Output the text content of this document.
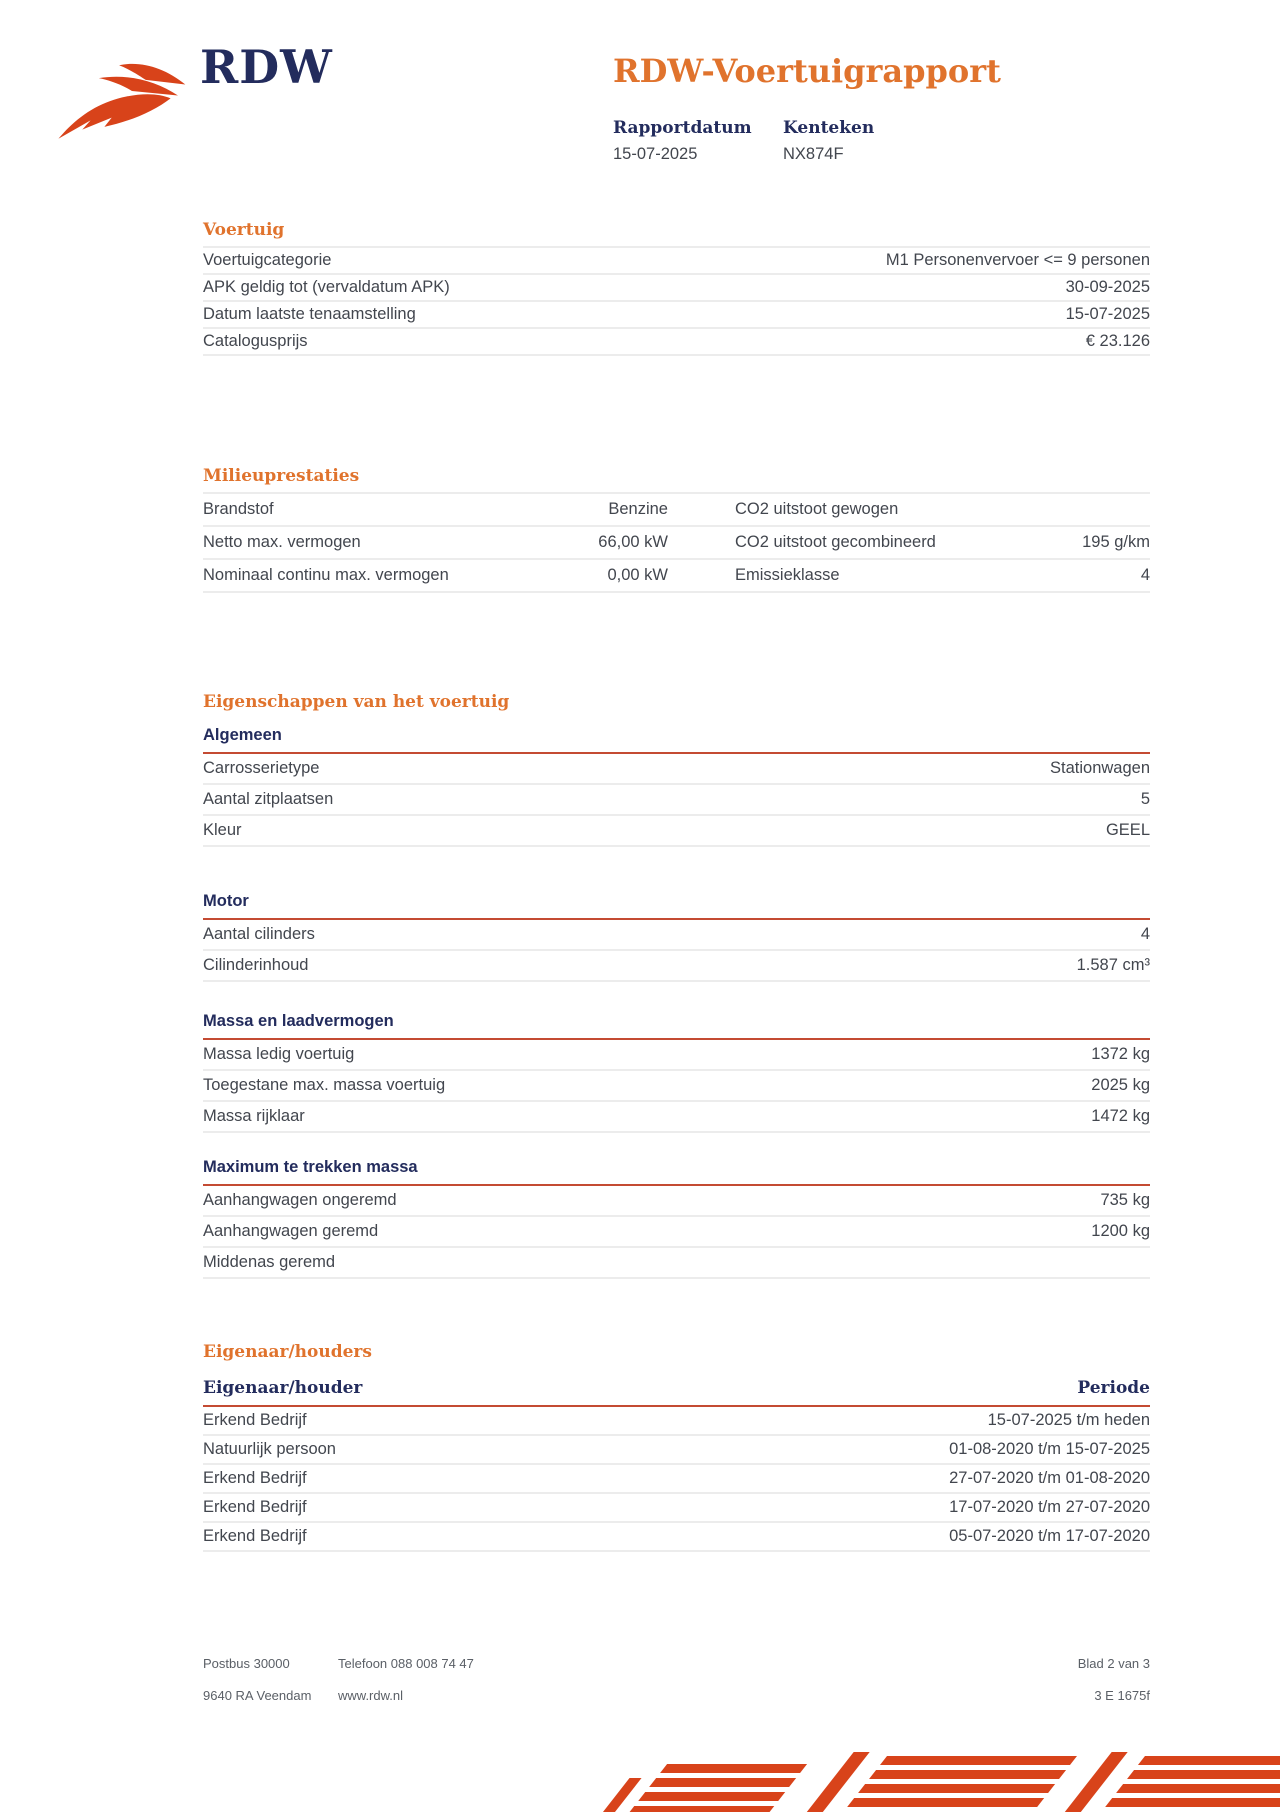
RDW	RDW-Voertuigrapport
Rapportdatum
15-07-2025
Kenteken
NX874F
Voertuig
Voertuigcategorie	M1 Personenvervoer <= 9 personen
APK geldig tot (vervaldatum APK)	30-09-2025
Datum laatste tenaamstelling	15-07-2025
Catalogusprijs	€ 23.126
Milieuprestaties
Brandstof	Benzine	CO2 uitstoot gewogen
Netto max. vermogen	66,00 kW	CO2 uitstoot gecombineerd	195 g/km
Nominaal continu max. vermogen	0,00 kW	Emissieklasse	4
Eigenschappen van het voertuig
Algemeen
Carrosserietype	Stationwagen
Aantal zitplaatsen	5
Kleur	GEEL
Motor
Aantal cilinders	4
Cilinderinhoud	1.587 cm³
Massa en laadvermogen
Massa ledig voertuig	1372 kg
Toegestane max. massa voertuig	2025 kg
Massa rijklaar	1472 kg
Maximum te trekken massa
Aanhangwagen ongeremd	735 kg
Aanhangwagen geremd	1200 kg
Middenas geremd
Eigenaar/houders
Eigenaar/houder	Periode
Erkend Bedrijf	15-07-2025 t/m heden
Natuurlijk persoon	01-08-2020 t/m 15-07-2025
Erkend Bedrijf	27-07-2020 t/m 01-08-2020
Erkend Bedrijf	17-07-2020 t/m 27-07-2020
Erkend Bedrijf	05-07-2020 t/m 17-07-2020
Postbus 30000	Telefoon 088 008 74 47	Blad 2 van 3
9640 RA Veendam	www.rdw.nl	3 E 1675f
